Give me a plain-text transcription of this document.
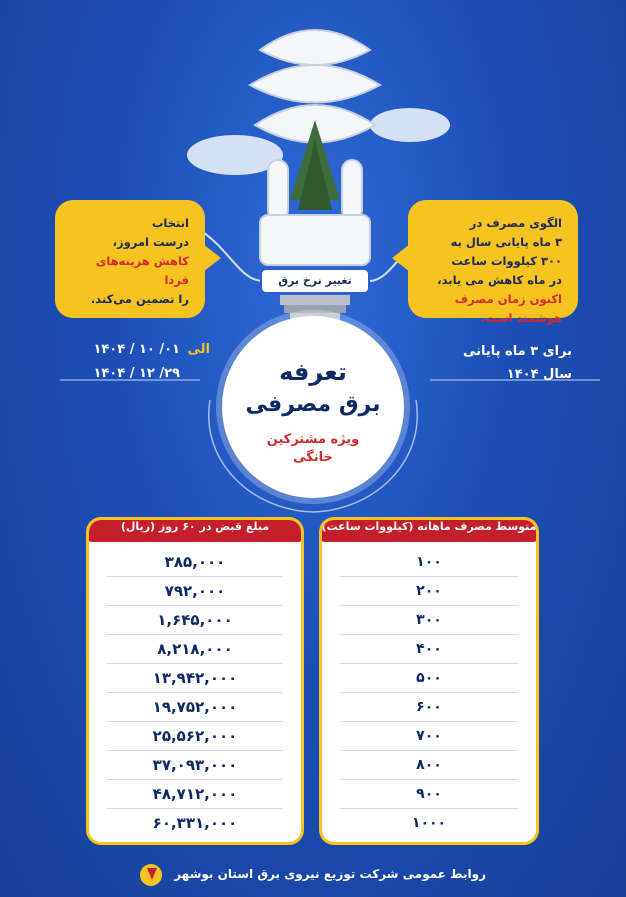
تغییر نرخ برق
الگوی مصرف در
۳ ماه پایانی سال به
۳۰۰ کیلووات ساعت
در ماه کاهش می یابد،
اکنون زمان مصرف
هوشمند است.
انتخاب
درست امروز،
کاهش هزینه‌های فردا
را تضمین می‌کند.
الی
۱۴۰۴ / ۱۰ /۰۱
۱۴۰۴ / ۱۲ /۲۹
برای ۳ ماه پایانی
سال ۱۴۰۴
تعرفه
برق مصرفی
ویژه مشترکین
خانگی
متوسط مصرف ماهانه (کیلووات ساعت)
۱۰۰
۲۰۰
۳۰۰
۴۰۰
۵۰۰
۶۰۰
۷۰۰
۸۰۰
۹۰۰
۱۰۰۰
مبلغ قبض در ۶۰ روز (ریال)
۳۸۵,۰۰۰
۷۹۲,۰۰۰
۱,۶۴۵,۰۰۰
۸,۲۱۸,۰۰۰
۱۳,۹۴۲,۰۰۰
۱۹,۷۵۲,۰۰۰
۲۵,۵۶۲,۰۰۰
۳۷,۰۹۳,۰۰۰
۴۸,۷۱۲,۰۰۰
۶۰,۳۳۱,۰۰۰
روابط عمومی شرکت توزیع نیروی برق استان بوشهر
